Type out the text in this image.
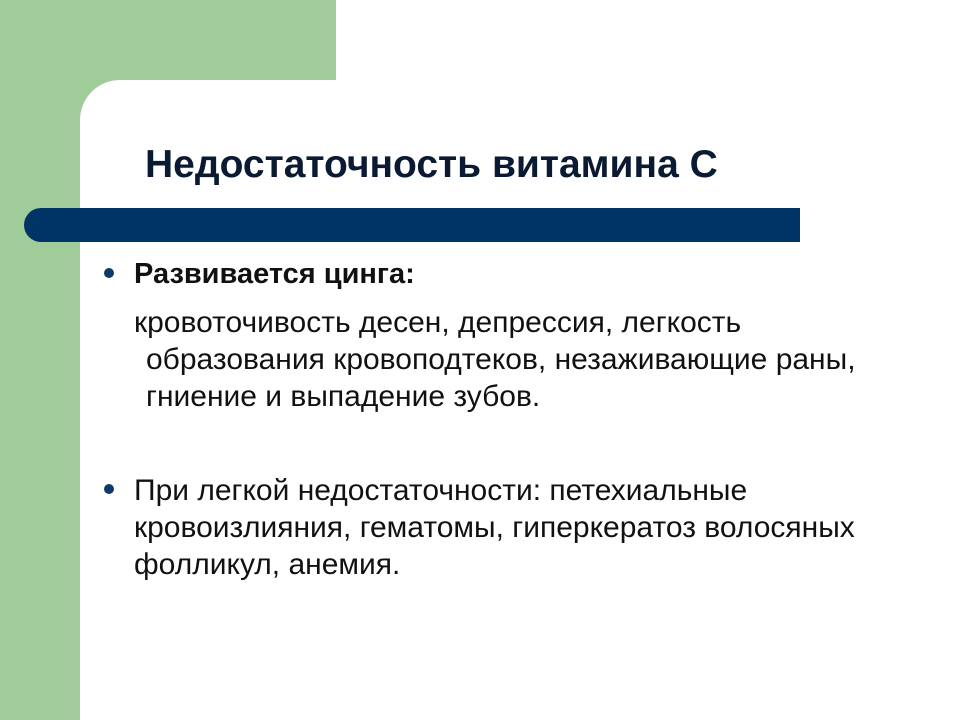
Недостаточность витамина С

Развивается цинга:

кровоточивость десен, депрессия, легкость образования кровоподтеков, незаживающие раны, гниение и выпадение зубов.

При легкой недостаточности: петехиальные кровоизлияния, гематомы, гиперкератоз волосяных фолликул, анемия.
